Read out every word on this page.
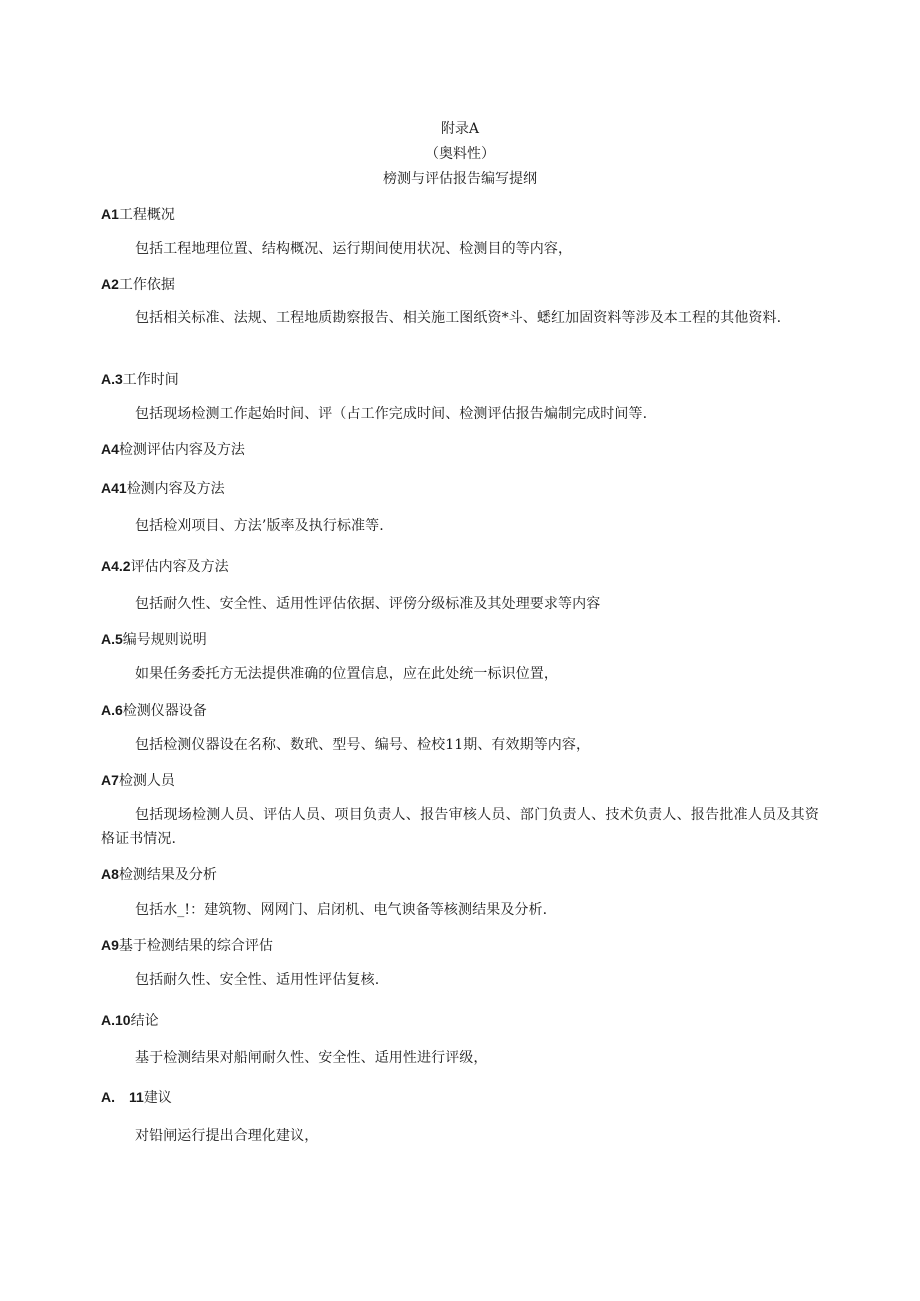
附录A
（奥料性）
榜测与评估报告编写提纲
A1工程概况
包括工程地理位置、结构概况、运行期间使用状况、检测目的等内容，
A2工作依据
包括相关标准、法规、工程地质勘察报告、相关施工图纸资*斗、蟋红加固资料等涉及本工程的其他资料.
A.3工作时间
包括现场检测工作起始时间、评（占工作完成时间、检测评估报告煸制完成时间等.
A4检测评估内容及方法
A41检测内容及方法
包括检刈项目、方法’版率及执行标准等.
A4.2评估内容及方法
包括耐久性、安全性、适用性评估依据、评傍分级标准及其处理要求等内容
A.5编号规则说明
如果任务委托方无法提供准确的位置信息，应在此处统一标识位置，
A.6检测仪器设备
包括检测仪器设在名称、数玳、型号、编号、检校11期、有效期等内容，
A7检测人员
包括现场检测人员、评估人员、项目负责人、报告审核人员、部门负责人、技术负责人、报告批准人员及其资格证书情况.
A8检测结果及分析
包括水_!：建筑物、网网门、启闭机、电气谀备等核测结果及分析.
A9基于检测结果的综合评估
包括耐久性、安全性、适用性评估复核.
A.10结论
基于检测结果对船闸耐久性、安全性、适用性进行评级，
A.　11建议
对铅闸运行提出合理化建议，
